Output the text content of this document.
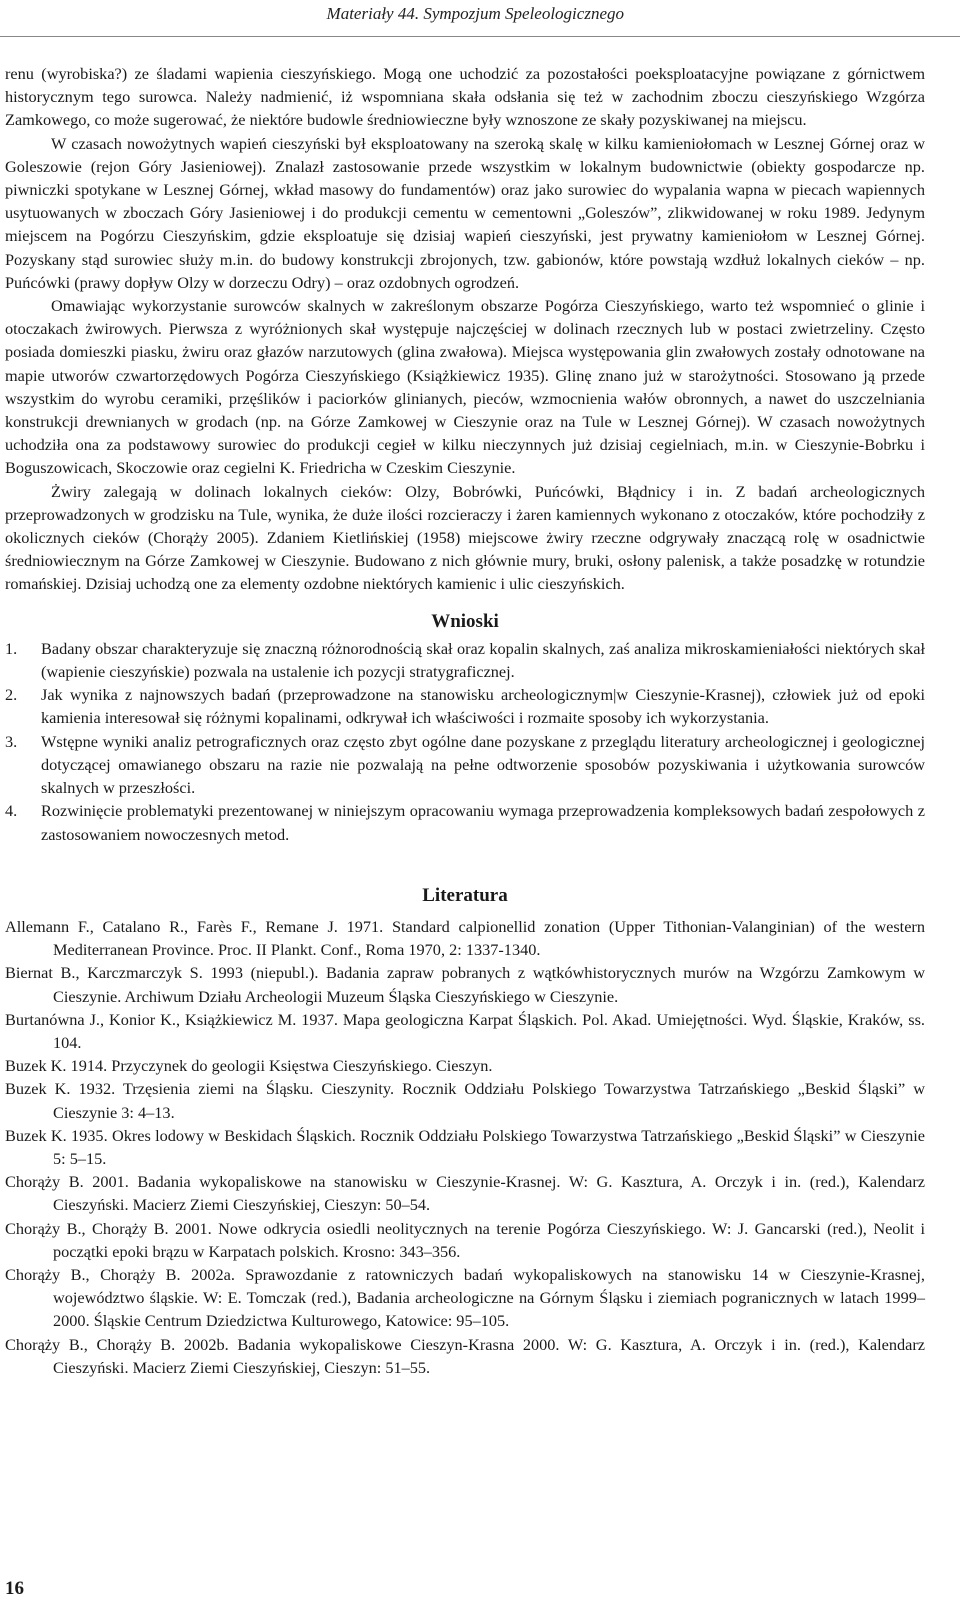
Materiały 44. Sympozjum Speleologicznego

renu (wyrobiska?) ze śladami wapienia cieszyńskiego. Mogą one uchodzić za pozostałości poeksploatacyjne powiązane z górnictwem historycznym tego surowca. Należy nadmienić, iż wspomniana skała odsłania się też w zachodnim zboczu cieszyńskiego Wzgórza Zamkowego, co może sugerować, że niektóre budowle średniowieczne były wznoszone ze skały pozyskiwanej na miejscu.

W czasach nowożytnych wapień cieszyński był eksploatowany na szeroką skalę w kilku kamieniołomach w Lesznej Górnej oraz w Goleszowie (rejon Góry Jasieniowej). Znalazł zastosowanie przede wszystkim w lokalnym budownictwie (obiekty gospodarcze np. piwniczki spotykane w Lesznej Górnej, wkład masowy do fundamentów) oraz jako surowiec do wypalania wapna w piecach wapiennych usytuowanych w zboczach Góry Jasieniowej i do produkcji cementu w cementowni „Goleszów”, zlikwidowanej w roku 1989. Jedynym miejscem na Pogórzu Cieszyńskim, gdzie eksploatuje się dzisiaj wapień cieszyński, jest prywatny kamieniołom w Lesznej Górnej. Pozyskany stąd surowiec służy m.in. do budowy konstrukcji zbrojonych, tzw. gabionów, które powstają wzdłuż lokalnych cieków – np. Puńcówki (prawy dopływ Olzy w dorzeczu Odry) – oraz ozdobnych ogrodzeń.

Omawiając wykorzystanie surowców skalnych w zakreślonym obszarze Pogórza Cieszyńskiego, warto też wspomnieć o glinie i otoczakach żwirowych. Pierwsza z wyróżnionych skał występuje najczęściej w dolinach rzecznych lub w postaci zwietrzeliny. Często posiada domieszki piasku, żwiru oraz głazów narzutowych (glina zwałowa). Miejsca występowania glin zwałowych zostały odnotowane na mapie utworów czwartorzędowych Pogórza Cieszyńskiego (Książkiewicz 1935). Glinę znano już w starożytności. Stosowano ją przede wszystkim do wyrobu ceramiki, przęślików i paciorków glinianych, pieców, wzmocnienia wałów obronnych, a nawet do uszczelniania konstrukcji drewnianych w grodach (np. na Górze Zamkowej w Cieszynie oraz na Tule w Lesznej Górnej). W czasach nowożytnych uchodziła ona za podstawowy surowiec do produkcji cegieł w kilku nieczynnych już dzisiaj cegielniach, m.in. w Cieszynie-Bobrku i Boguszowicach, Skoczowie oraz cegielni K. Friedricha w Czeskim Cieszynie.

Żwiry zalegają w dolinach lokalnych cieków: Olzy, Bobrówki, Puńcówki, Błądnicy i in. Z badań archeologicznych przeprowadzonych w grodzisku na Tule, wynika, że duże ilości rozcieraczy i żaren kamiennych wykonano z otoczaków, które pochodziły z okolicznych cieków (Chorąży 2005). Zdaniem Kietlińskiej (1958) miejscowe żwiry rzeczne odgrywały znaczącą rolę w osadnictwie średniowiecznym na Górze Zamkowej w Cieszynie. Budowano z nich głównie mury, bruki, osłony palenisk, a także posadzkę w rotundzie romańskiej. Dzisiaj uchodzą one za elementy ozdobne niektórych kamienic i ulic cieszyńskich.

Wnioski
1. Badany obszar charakteryzuje się znaczną różnorodnością skał oraz kopalin skalnych, zaś analiza mikroskamieniałości niektórych skał (wapienie cieszyńskie) pozwala na ustalenie ich pozycji stratygraficznej.
2. Jak wynika z najnowszych badań (przeprowadzone na stanowisku archeologicznym|w Cieszynie-Krasnej), człowiek już od epoki kamienia interesował się różnymi kopalinami, odkrywał ich właściwości i rozmaite sposoby ich wykorzystania.
3. Wstępne wyniki analiz petrograficznych oraz często zbyt ogólne dane pozyskane z przeglądu literatury archeologicznej i geologicznej dotyczącej omawianego obszaru na razie nie pozwalają na pełne odtworzenie sposobów pozyskiwania i użytkowania surowców skalnych w przeszłości.
4. Rozwinięcie problematyki prezentowanej w niniejszym opracowaniu wymaga przeprowadzenia kompleksowych badań zespołowych z zastosowaniem nowoczesnych metod.
Literatura
Allemann F., Catalano R., Farès F., Remane J. 1971. Standard calpionellid zonation (Upper Tithonian-Valanginian) of the western Mediterranean Province. Proc. II Plankt. Conf., Roma 1970, 2: 1337-1340.
Biernat B., Karczmarczyk S. 1993 (niepubl.). Badania zapraw pobranych z wątkówhistorycznych murów na Wzgórzu Zamkowym w Cieszynie. Archiwum Działu Archeologii Muzeum Śląska Cieszyńskiego w Cieszynie.
Burtanówna J., Konior K., Książkiewicz M. 1937. Mapa geologiczna Karpat Śląskich. Pol. Akad. Umiejętności. Wyd. Śląskie, Kraków, ss. 104.
Buzek K. 1914. Przyczynek do geologii Księstwa Cieszyńskiego. Cieszyn.
Buzek K. 1932. Trzęsienia ziemi na Śląsku. Cieszynity. Rocznik Oddziału Polskiego Towarzystwa Tatrzańskiego „Beskid Śląski” w Cieszynie 3: 4–13.
Buzek K. 1935. Okres lodowy w Beskidach Śląskich. Rocznik Oddziału Polskiego Towarzystwa Tatrzańskiego „Beskid Śląski” w Cieszynie 5: 5–15.
Chorąży B. 2001. Badania wykopaliskowe na stanowisku w Cieszynie-Krasnej. W: G. Kasztura, A. Orczyk i in. (red.), Kalendarz Cieszyński. Macierz Ziemi Cieszyńskiej, Cieszyn: 50–54.
Chorąży B., Chorąży B. 2001. Nowe odkrycia osiedli neolitycznych na terenie Pogórza Cieszyńskiego. W: J. Gancarski (red.), Neolit i początki epoki brązu w Karpatach polskich. Krosno: 343–356.
Chorąży B., Chorąży B. 2002a. Sprawozdanie z ratowniczych badań wykopaliskowych na stanowisku 14 w Cieszynie-Krasnej, województwo śląskie. W: E. Tomczak (red.), Badania archeologiczne na Górnym Śląsku i ziemiach pogranicznych w latach 1999–2000. Śląskie Centrum Dziedzictwa Kulturowego, Katowice: 95–105.
Chorąży B., Chorąży B. 2002b. Badania wykopaliskowe Cieszyn-Krasna 2000. W: G. Kasztura, A. Orczyk i in. (red.), Kalendarz Cieszyński. Macierz Ziemi Cieszyńskiej, Cieszyn: 51–55.
16
